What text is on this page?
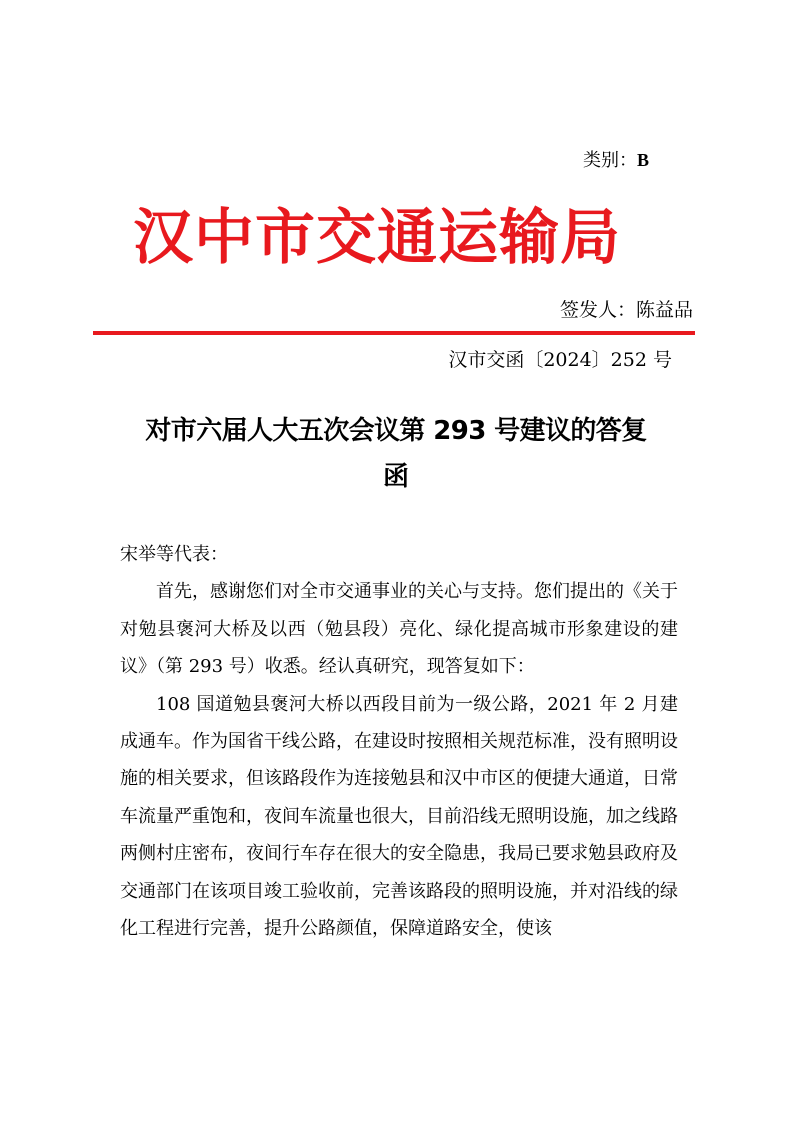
类别：B
汉中市交通运输局
签发人：陈益品
汉市交函〔2024〕252 号
对市六届人大五次会议第 293 号建议的答复
函

宋举等代表：

首先，感谢您们对全市交通事业的关心与支持。您们提出的《关于对勉县褒河大桥及以西（勉县段）亮化、绿化提高城市形象建设的建议》（第 293 号）收悉。经认真研究，现答复如下：

108 国道勉县褒河大桥以西段目前为一级公路，2021 年 2 月建成通车。作为国省干线公路，在建设时按照相关规范标准，没有照明设施的相关要求，但该路段作为连接勉县和汉中市区的便捷大通道，日常车流量严重饱和，夜间车流量也很大，目前沿线无照明设施，加之线路两侧村庄密布，夜间行车存在很大的安全隐患，我局已要求勉县政府及交通部门在该项目竣工验收前，完善该路段的照明设施，并对沿线的绿化工程进行完善，提升公路颜值，保障道路安全，使该
